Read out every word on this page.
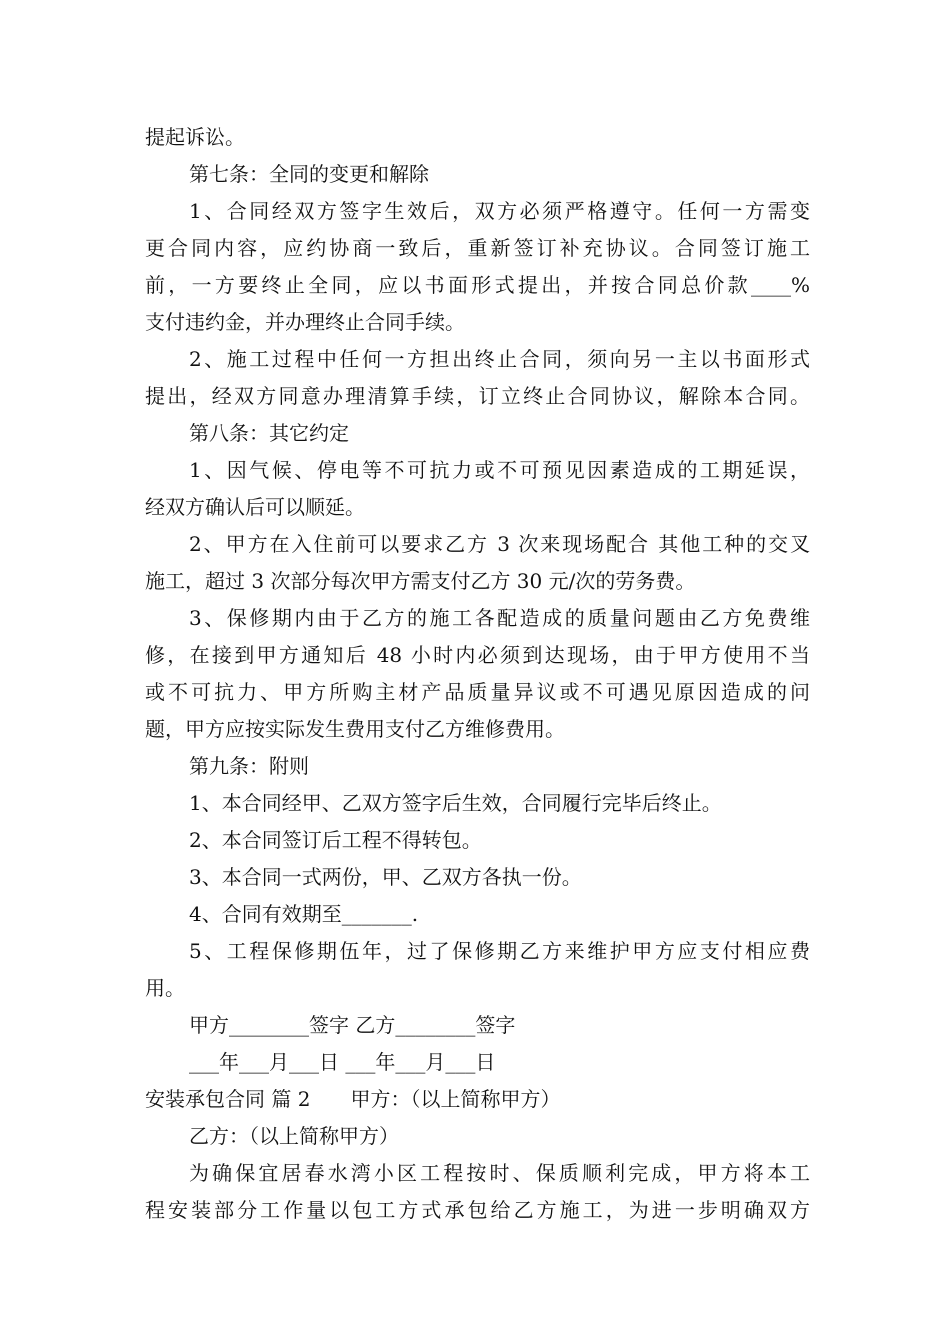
提起诉讼。
第七条：全同的变更和解除
1、合同经双方签字生效后，双方必须严格遵守。任何一方需变
更合同内容，应约协商一致后，重新签订补充协议。合同签订施工
前，一方要终止全同，应以书面形式提出，并按合同总价款____%
支付违约金，并办理终止合同手续。
2、施工过程中任何一方担出终止合同，须向另一主以书面形式
提出，经双方同意办理清算手续，订立终止合同协议，解除本合同。
第八条：其它约定
1、因气候、停电等不可抗力或不可预见因素造成的工期延误，
经双方确认后可以顺延。
2、甲方在入住前可以要求乙方 3 次来现场配合 其他工种的交叉
施工，超过 3 次部分每次甲方需支付乙方 30 元/次的劳务费。
3、保修期内由于乙方的施工各配造成的质量问题由乙方免费维
修，在接到甲方通知后 48 小时内必须到达现场，由于甲方使用不当
或不可抗力、甲方所购主材产品质量异议或不可遇见原因造成的问
题，甲方应按实际发生费用支付乙方维修费用。
第九条：附则
1、本合同经甲、乙双方签字后生效，合同履行完毕后终止。
2、本合同签订后工程不得转包。
3、本合同一式两份，甲、乙双方各执一份。
4、合同有效期至_______.
5、工程保修期伍年，过了保修期乙方来维护甲方应支付相应费
用。
甲方________签字 乙方________签字
___年___月___日 ___年___月___日
安装承包合同 篇 2　　甲方：（以上简称甲方）
乙方：（以上简称甲方）
为确保宜居春水湾小区工程按时、保质顺利完成，甲方将本工
程安装部分工作量以包工方式承包给乙方施工，为进一步明确双方
